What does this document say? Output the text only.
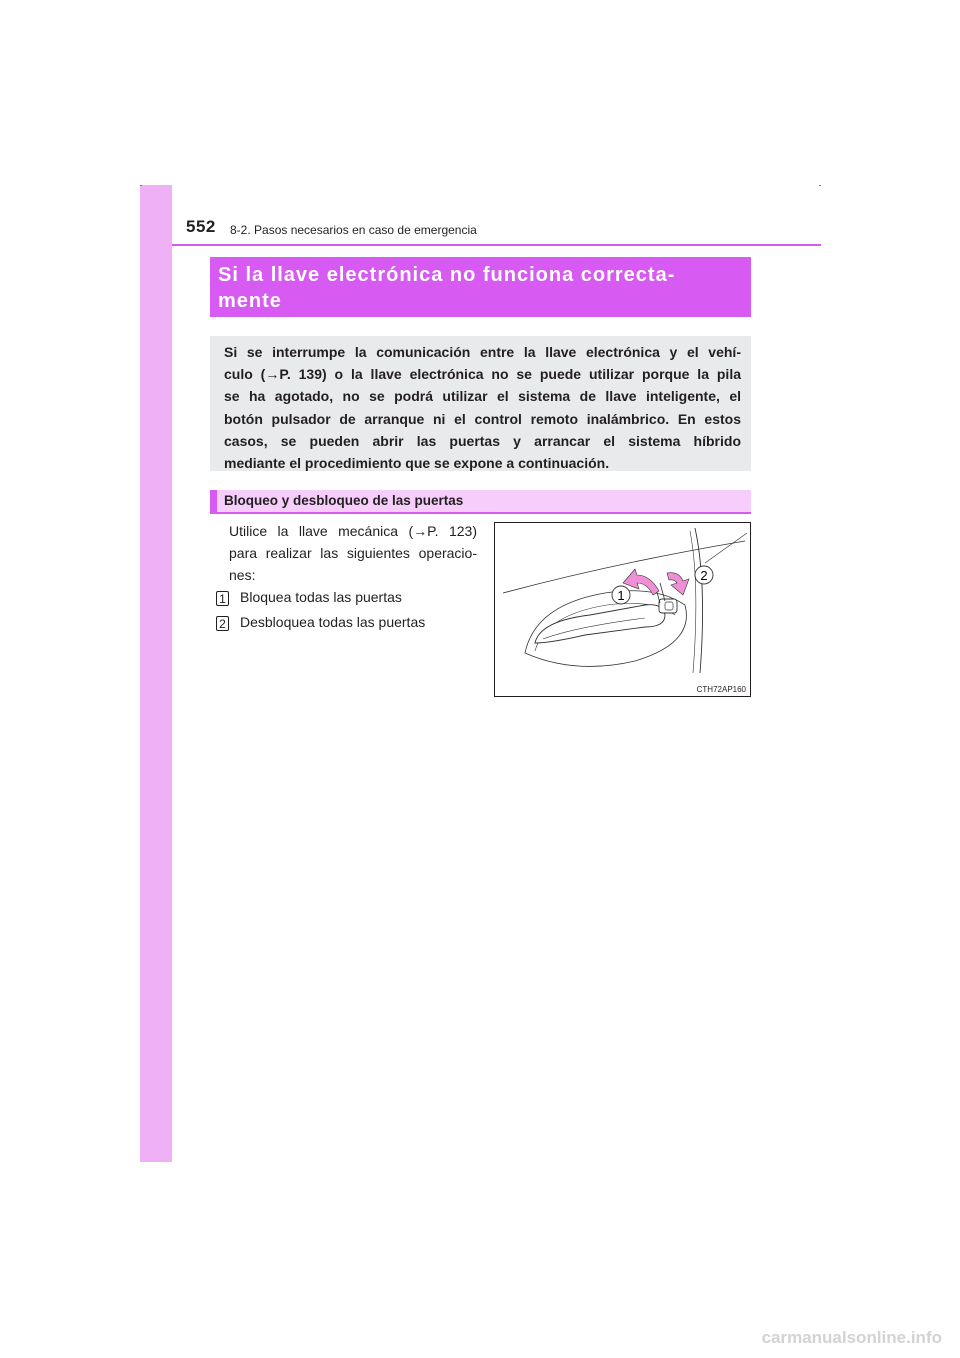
552 8-2. Pasos necesarios en caso de emergencia
Si la llave electrónica no funciona correcta-
mente
Si se interrumpe la comunicación entre la llave electrónica y el vehí-
culo (→P. 139) o la llave electrónica no se puede utilizar porque la pila
se ha agotado, no se podrá utilizar el sistema de llave inteligente, el
botón pulsador de arranque ni el control remoto inalámbrico. En estos
casos, se pueden abrir las puertas y arrancar el sistema híbrido
mediante el procedimiento que se expone a continuación.
Bloqueo y desbloqueo de las puertas
Utilice la llave mecánica (→P. 123)
para realizar las siguientes operacio-
nes:
1 Bloquea todas las puertas
2 Desbloquea todas las puertas
1
2
CTH72AP160
carmanualsonline.info
